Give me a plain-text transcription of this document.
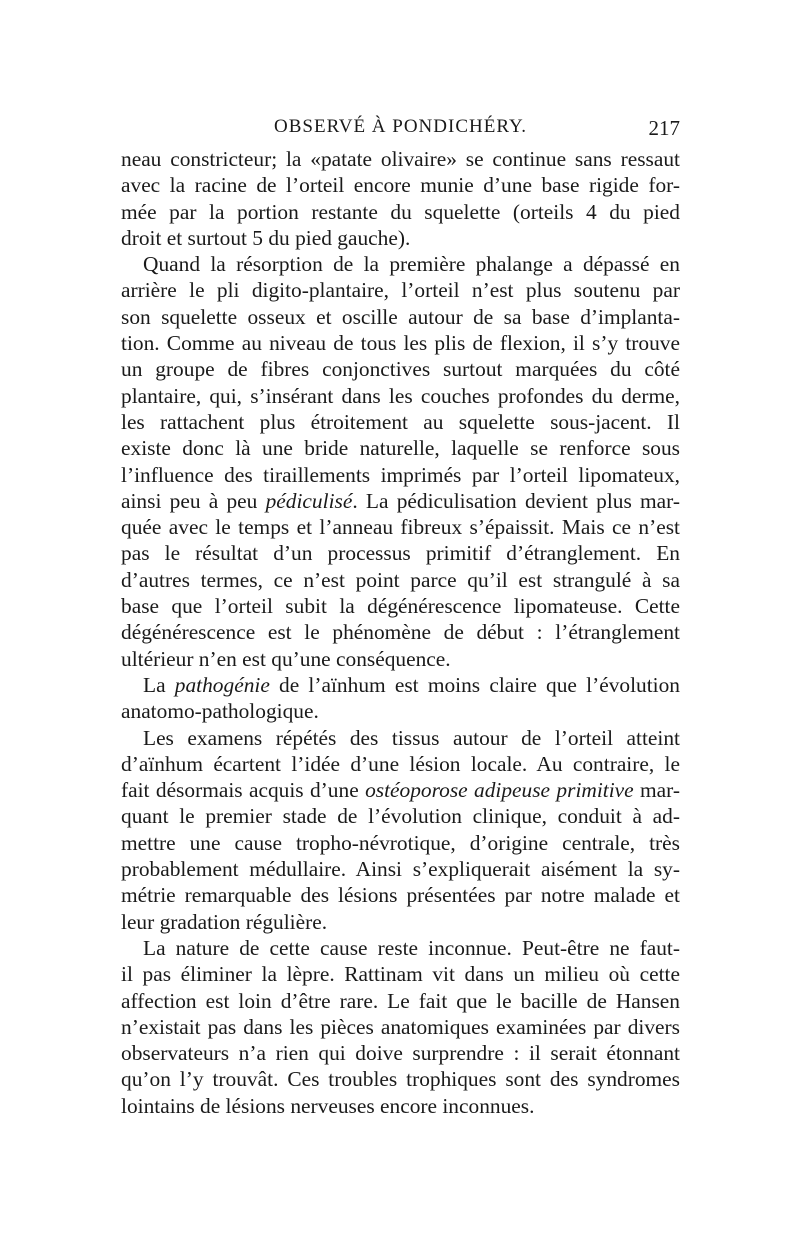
OBSERVÉ À PONDICHÉRY.	217
neau constricteur; la «patate olivaire» se continue sans ressaut
avec la racine de l’orteil encore munie d’une base rigide for-
mée par la portion restante du squelette (orteils 4 du pied
droit et surtout 5 du pied gauche).
Quand la résorption de la première phalange a dépassé en
arrière le pli digito-plantaire, l’orteil n’est plus soutenu par
son squelette osseux et oscille autour de sa base d’implanta-
tion. Comme au niveau de tous les plis de flexion, il s’y trouve
un groupe de fibres conjonctives surtout marquées du côté
plantaire, qui, s’insérant dans les couches profondes du derme,
les rattachent plus étroitement au squelette sous-jacent. Il
existe donc là une bride naturelle, laquelle se renforce sous
l’influence des tiraillements imprimés par l’orteil lipomateux,
ainsi peu à peu pédiculisé. La pédiculisation devient plus mar-
quée avec le temps et l’anneau fibreux s’épaissit. Mais ce n’est
pas le résultat d’un processus primitif d’étranglement. En
d’autres termes, ce n’est point parce qu’il est strangulé à sa
base que l’orteil subit la dégénérescence lipomateuse. Cette
dégénérescence est le phénomène de début : l’étranglement
ultérieur n’en est qu’une conséquence.
La pathogénie de l’aïnhum est moins claire que l’évolution
anatomo-pathologique.
Les examens répétés des tissus autour de l’orteil atteint
d’aïnhum écartent l’idée d’une lésion locale. Au contraire, le
fait désormais acquis d’une ostéoporose adipeuse primitive mar-
quant le premier stade de l’évolution clinique, conduit à ad-
mettre une cause tropho-névrotique, d’origine centrale, très
probablement médullaire. Ainsi s’expliquerait aisément la sy-
métrie remarquable des lésions présentées par notre malade et
leur gradation régulière.
La nature de cette cause reste inconnue. Peut-être ne faut-
il pas éliminer la lèpre. Rattinam vit dans un milieu où cette
affection est loin d’être rare. Le fait que le bacille de Hansen
n’existait pas dans les pièces anatomiques examinées par divers
observateurs n’a rien qui doive surprendre : il serait étonnant
qu’on l’y trouvât. Ces troubles trophiques sont des syndromes
lointains de lésions nerveuses encore inconnues.
